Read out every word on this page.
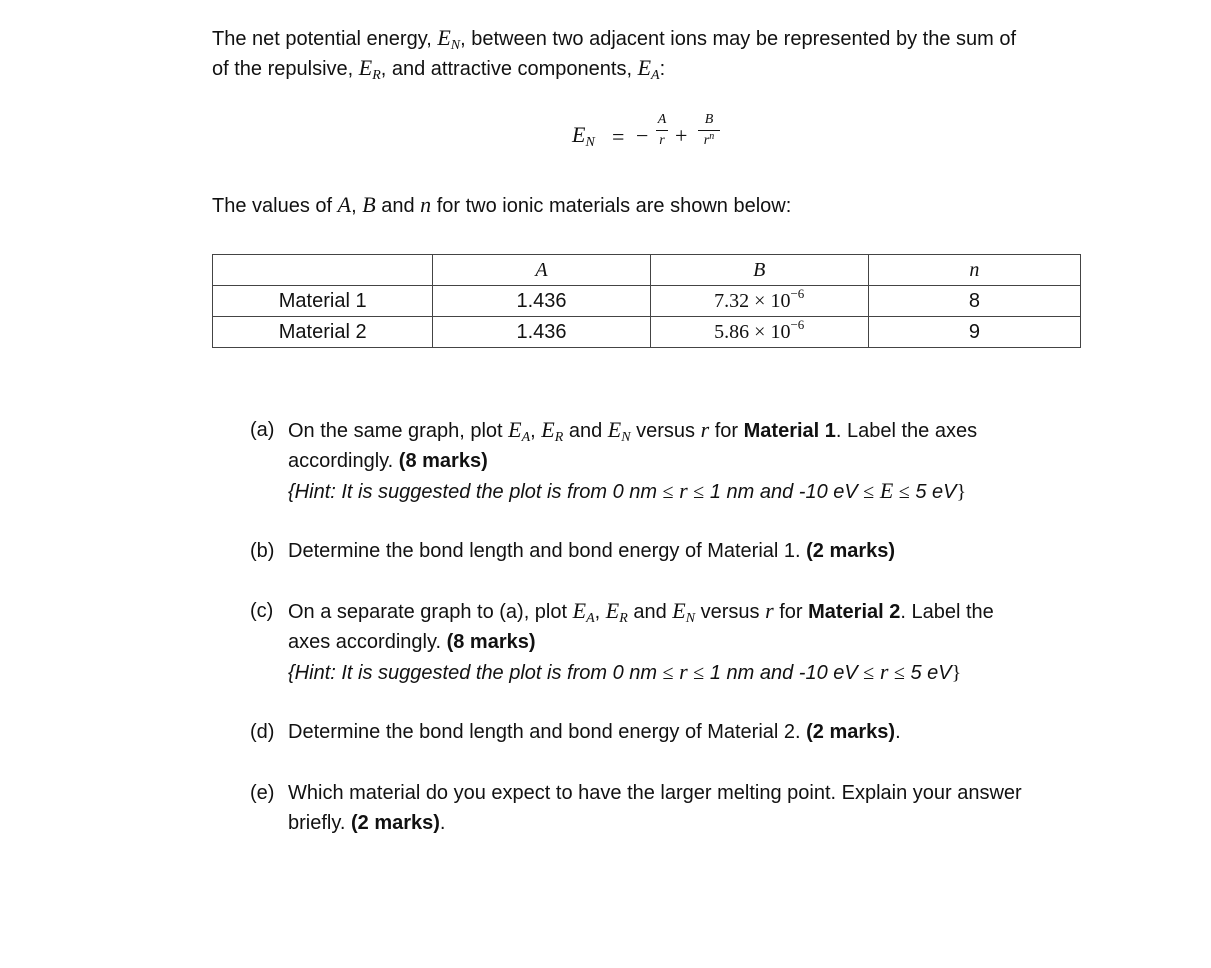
The net potential energy, $E_N$, between two adjacent ions may be represented by the sum of
of the repulsive, $E_R$, and attractive components, $E_A$:
$E_N$ = −
A
r +
B
$r^n$
The values of A, B and n for two ionic materials are shown below:
	A	B	n
Material 1	1.436	$7.32 \times 10^{-6}$	8
Material 2	1.436	$5.86 \times 10^{-6}$	9
(a) On the same graph, plot $E_A$, $E_R$ and $E_N$ versus r for Material 1. Label the axes
accordingly. (8 marks)
{Hint: It is suggested the plot is from 0 nm ≤ r ≤ 1 nm and -10 eV ≤ E ≤ 5 eV}
(b) Determine the bond length and bond energy of Material 1. (2 marks)
(c) On a separate graph to (a), plot $E_A$, $E_R$ and $E_N$ versus r for Material 2. Label the
axes accordingly. (8 marks)
{Hint: It is suggested the plot is from 0 nm ≤ r ≤ 1 nm and -10 eV ≤ r ≤ 5 eV}
(d) Determine the bond length and bond energy of Material 2. (2 marks).
(e) Which material do you expect to have the larger melting point. Explain your answer
briefly. (2 marks).
